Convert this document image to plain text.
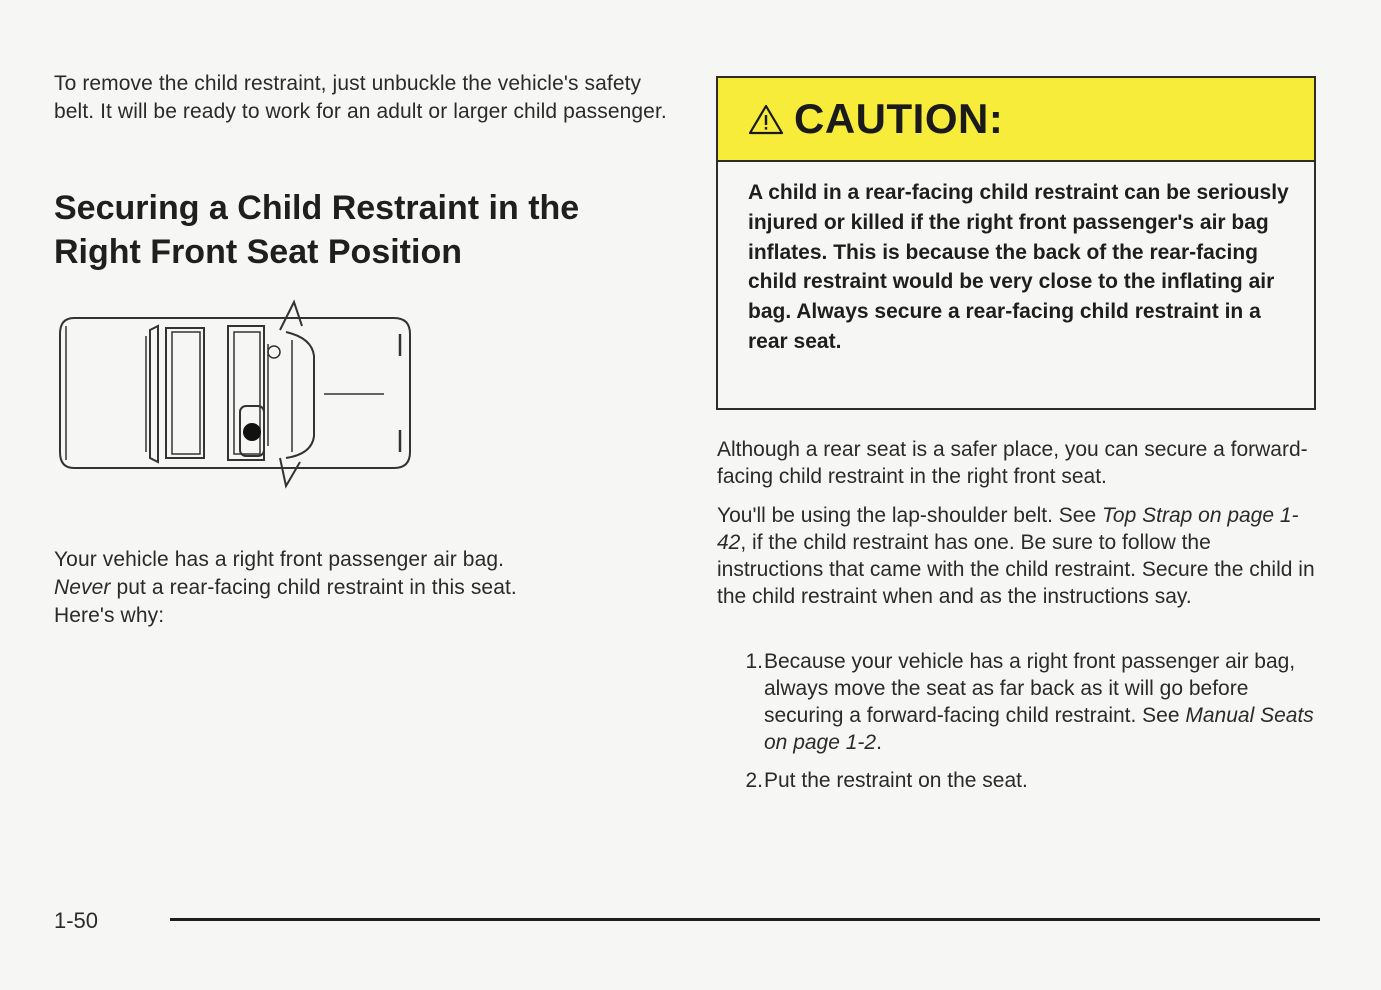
To remove the child restraint, just unbuckle the vehicle's safety belt. It will be ready to work for an adult or larger child passenger.
Securing a Child Restraint in the
Right Front Seat Position
Your vehicle has a right front passenger air bag.
Never put a rear-facing child restraint in this seat.
Here's why:
CAUTION:
A child in a rear-facing child restraint can be seriously injured or killed if the right front passenger's air bag inflates. This is because the back of the rear-facing child restraint would be very close to the inflating air bag. Always secure a rear-facing child restraint in a rear seat.
Although a rear seat is a safer place, you can secure a forward-facing child restraint in the right front seat.
You'll be using the lap-shoulder belt. See Top Strap on page 1-42, if the child restraint has one. Be sure to follow the instructions that came with the child restraint. Secure the child in the child restraint when and as the instructions say.
1. Because your vehicle has a right front passenger air bag, always move the seat as far back as it will go before securing a forward-facing child restraint. See Manual Seats on page 1-2.
2. Put the restraint on the seat.
1-50
